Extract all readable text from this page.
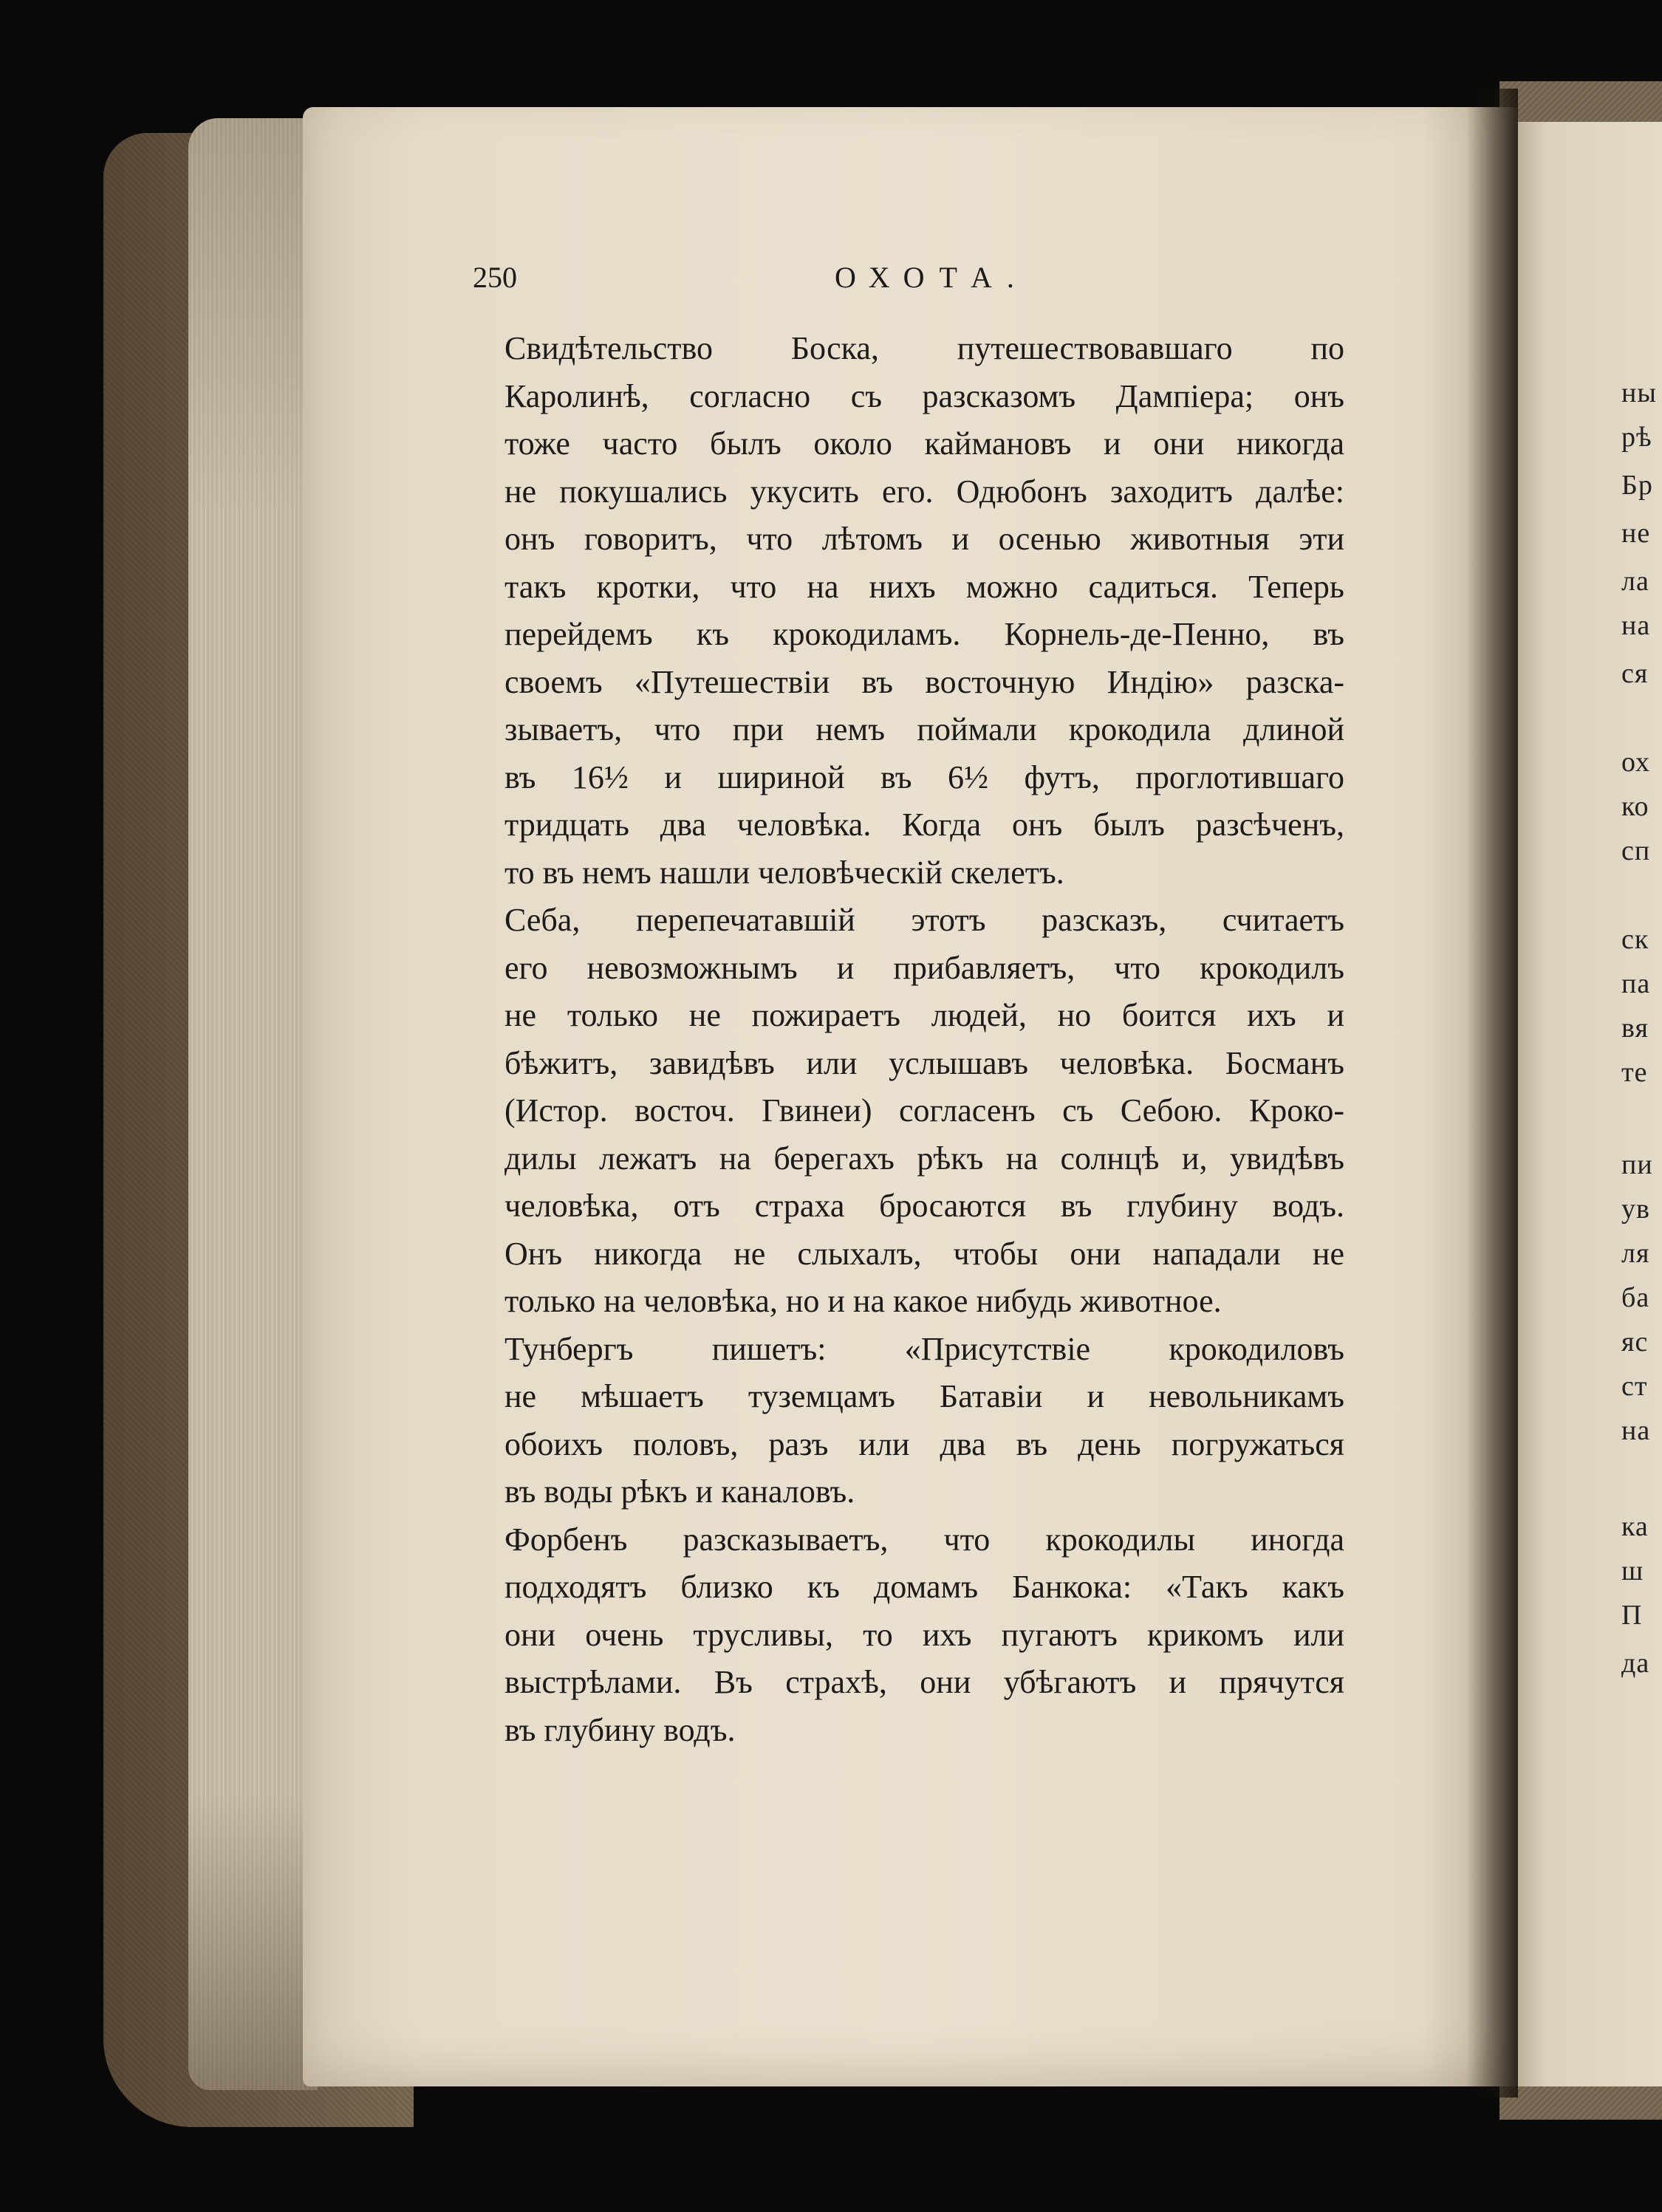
ны
рѣ
Бр
не
ла
на
ся
ох
ко
сп
ск
па
вя
те
пи
ув
ля
ба
яс
ст
на
ка
ш
П
да
250	ОХОТА.
Свидѣтельство Боска, путешествовавшаго по
Каролинѣ, согласно съ разсказомъ Дампіера; онъ
тоже часто былъ около каймановъ и они никогда
не покушались укусить его. Одюбонъ заходитъ далѣе:
онъ говоритъ, что лѣтомъ и осенью животныя эти
такъ кротки, что на нихъ можно садиться. Теперь
перейдемъ къ крокодиламъ. Корнель-де-Пенно, въ
своемъ «Путешествіи въ восточную Индію» разска-
зываетъ, что при немъ поймали крокодила длиной
въ 16½ и шириной въ 6½ футъ, проглотившаго
тридцать два человѣка. Когда онъ былъ разсѣченъ,
то въ немъ нашли человѣческій скелетъ.
Себа, перепечатавшій этотъ разсказъ, считаетъ
его невозможнымъ и прибавляетъ, что крокодилъ
не только не пожираетъ людей, но боится ихъ и
бѣжитъ, завидѣвъ или услышавъ человѣка. Босманъ
(Истор. восточ. Гвинеи) согласенъ съ Себою. Кроко-
дилы лежатъ на берегахъ рѣкъ на солнцѣ и, увидѣвъ
человѣка, отъ страха бросаются въ глубину водъ.
Онъ никогда не слыхалъ, чтобы они нападали не
только на человѣка, но и на какое нибудь животное.
Тунбергъ пишетъ: «Присутствіе крокодиловъ
не мѣшаетъ туземцамъ Батавіи и невольникамъ
обоихъ половъ, разъ или два въ день погружаться
въ воды рѣкъ и каналовъ.
Форбенъ разсказываетъ, что крокодилы иногда
подходятъ близко къ домамъ Банкока: «Такъ какъ
они очень трусливы, то ихъ пугаютъ крикомъ или
выстрѣлами. Въ страхѣ, они убѣгаютъ и прячутся
въ глубину водъ.
